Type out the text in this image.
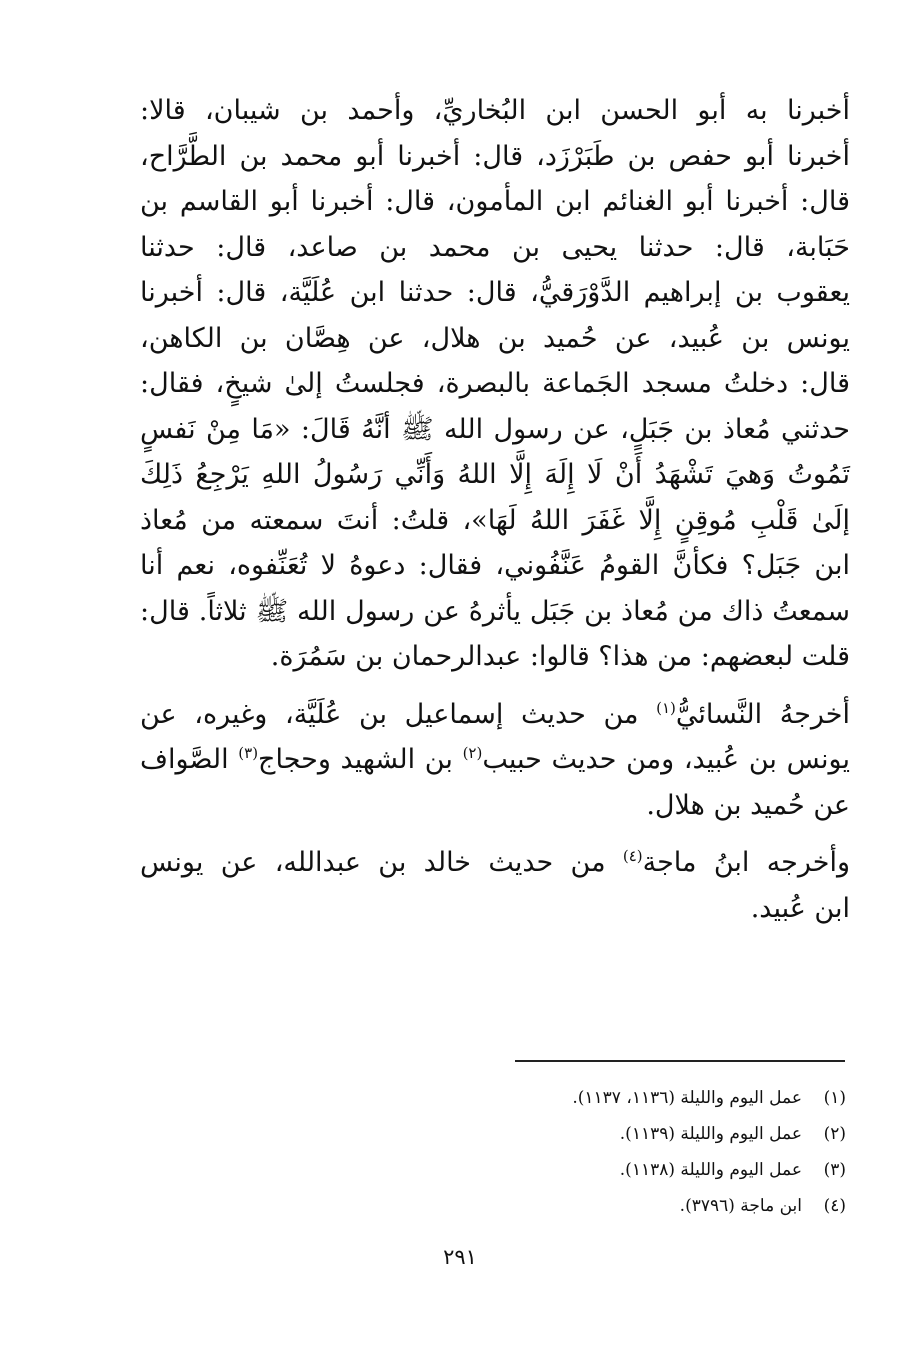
أخبرنا به أبو الحسن ابن البُخاريِّ، وأحمد بن شيبان، قالا:
أخبرنا أبو حفص بن طَبَرْزَد، قال: أخبرنا أبو محمد بن الطَّرَّاح،
قال: أخبرنا أبو الغنائم ابن المأمون، قال: أخبرنا أبو القاسم بن
حَبَابة، قال: حدثنا يحيى بن محمد بن صاعد، قال: حدثنا
يعقوب بن إبراهيم الدَّوْرَقيُّ، قال: حدثنا ابن عُلَيَّة، قال: أخبرنا
يونس بن عُبيد، عن حُميد بن هلال، عن هِصَّان بن الكاهن،
قال: دخلتُ مسجد الجَماعة بالبصرة، فجلستُ إلىٰ شيخٍ، فقال:
حدثني مُعاذ بن جَبَلٍ، عن رسول الله ﷺ أنَّهُ قَالَ: «مَا مِنْ نَفسٍ
تَمُوتُ وَهيَ تَشْهَدُ أَنْ لَا إِلَهَ إِلَّا اللهُ وَأَنِّي رَسُولُ اللهِ يَرْجِعُ ذَلِكَ
إلَىٰ قَلْبِ مُوقِنٍ إِلَّا غَفَرَ اللهُ لَهَا»، قلتُ: أنتَ سمعته من مُعاذ
ابن جَبَل؟ فكأنَّ القومُ عَنَّفُوني، فقال: دعوهُ لا تُعَنِّفوه، نعم أنا
سمعتُ ذاك من مُعاذ بن جَبَل يأثرهُ عن رسول الله ﷺ ثلاثاً. قال:
قلت لبعضهم: من هذا؟ قالوا: عبدالرحمان بن سَمُرَة.

أخرجهُ النَّسائيُّ$^{(١)}$ من حديث إسماعيل بن عُلَيَّة، وغيره، عن
يونس بن عُبيد، ومن حديث حبيب$^{(٢)}$ بن الشهيد وحجاج$^{(٣)}$ الصَّواف
عن حُميد بن هلال.

وأخرجه ابنُ ماجة$^{(٤)}$ من حديث خالد بن عبدالله، عن يونس
ابن عُبيد.

(١)
عمل اليوم والليلة (١١٣٦، ١١٣٧).
(٢)
عمل اليوم والليلة (١١٣٩).
(٣)
عمل اليوم والليلة (١١٣٨).
(٤)
ابن ماجة (٣٧٩٦).
٢٩١
